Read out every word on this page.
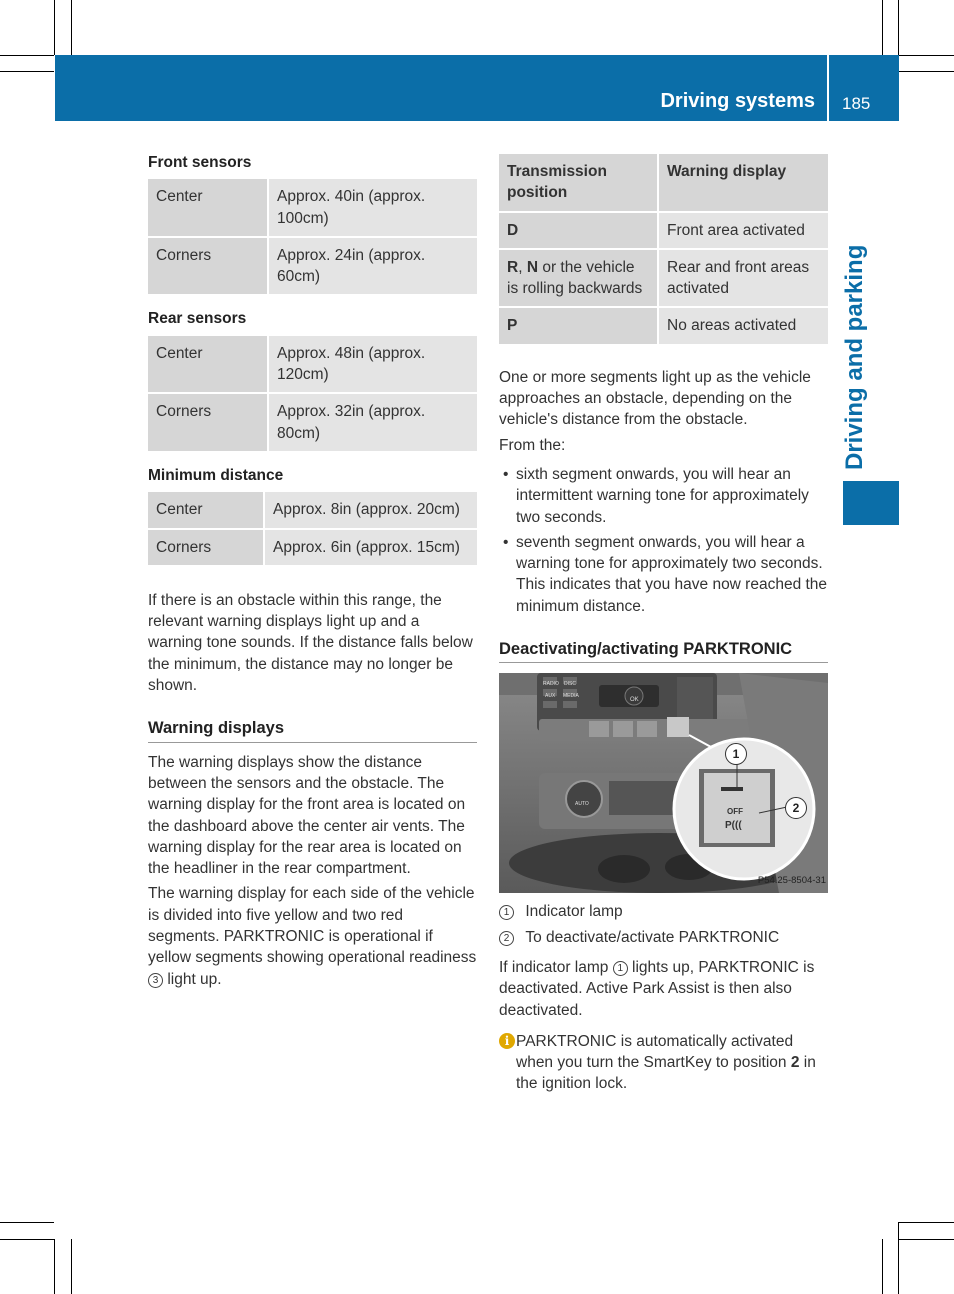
Driving systems 185
Driving and parking

Front sensors

Center	Approx. 40in (approx. 100cm)
Corners	Approx. 24in (approx. 60cm)

Rear sensors

Center	Approx. 48in (approx. 120cm)
Corners	Approx. 32in (approx. 80cm)

Minimum distance

Center	Approx. 8in (approx. 20cm)
Corners	Approx. 6in (approx. 15cm)

If there is an obstacle within this range, the relevant warning displays light up and a warning tone sounds. If the distance falls below the minimum, the distance may no longer be shown.

Warning displays

The warning displays show the distance between the sensors and the obstacle. The warning display for the front area is located on the dashboard above the center air vents. The warning display for the rear area is located on the headliner in the rear compartment.

The warning display for each side of the vehicle is divided into five yellow and two red segments. PARKTRONIC is operational if yellow segments showing operational readiness 3 light up.

Transmission position	Warning display
D	Front area activated
R, N or the vehicle is rolling backwards	Rear and front areas activated
P	No areas activated

One or more segments light up as the vehicle approaches an obstacle, depending on the vehicle's distance from the obstacle.

From the:

• sixth segment onwards, you will hear an intermittent warning tone for approximately two seconds.

• seventh segment onwards, you will hear a warning tone for approximately two seconds. This indicates that you have now reached the minimum distance.

Deactivating/activating PARKTRONIC

RADIO DISC
AUX MEDIA
OK
AUTO
OFF
P(((
1
2
P54.25-8504-31

1 Indicator lamp

2 To deactivate/activate PARKTRONIC

If indicator lamp 1 lights up, PARKTRONIC is deactivated. Active Park Assist is then also deactivated.

i PARKTRONIC is automatically activated when you turn the SmartKey to position 2 in the ignition lock.
